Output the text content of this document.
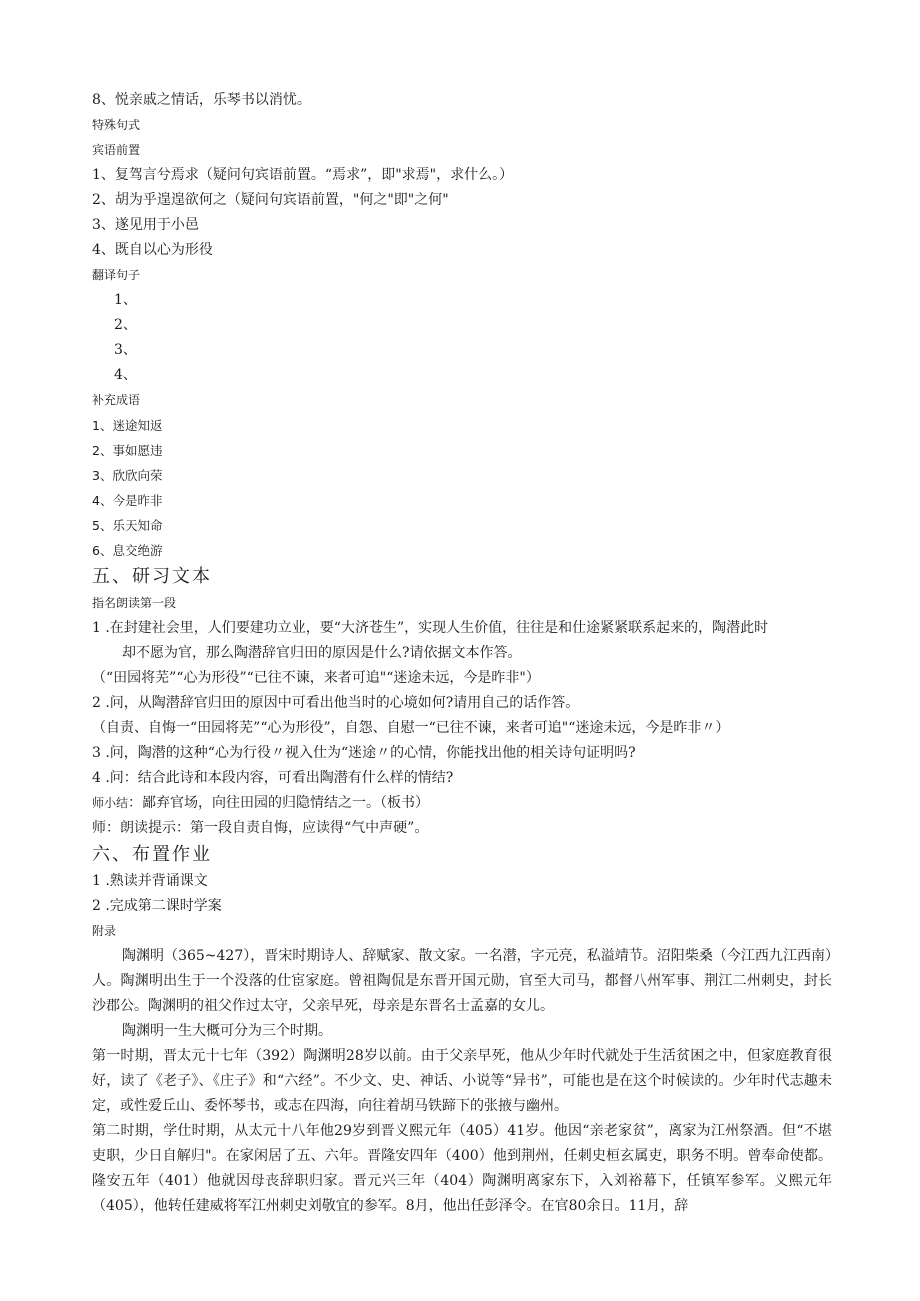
8、悦亲戚之情话，乐琴书以消忧。
特殊句式
宾语前置
1、复驾言兮焉求（疑问句宾语前置。“焉求”，即"求焉"，求什么。）
2、胡为乎遑遑欲何之（疑问句宾语前置，"何之"即"之何"
3、遂见用于小邑
4、既自以心为形役
翻译句子
1、
2、
3、
4、
补充成语
1、迷途知返
2、事如愿违
3、欣欣向荣
4、今是昨非
5、乐天知命
6、息交绝游
五、研习文本
指名朗读第一段
1 .在封建社会里，人们要建功立业，要“大济苍生”，实现人生价值，往往是和仕途紧紧联系起来的，陶潜此时
却不愿为官，那么陶潜辞官归田的原因是什么?请依据文本作答。
（“田园将芜”“心为形役”“已往不谏，来者可追"“迷途未远，今是昨非"）
2 .问，从陶潜辞官归田的原因中可看出他当时的心境如何?请用自己的话作答。
（自责、自悔一“田园将芜”“心为形役”，自怨、自慰一“已往不谏，来者可追"“迷途未远，今是昨非〃）
3 .问，陶潜的这种“心为行役〃视入仕为“迷途〃的心情，你能找出他的相关诗句证明吗?
4 .问：结合此诗和本段内容，可看出陶潜有什么样的情结?
师小结：鄙弃官场，向往田园的归隐情结之一。（板书）
师：朗读提示：第一段自责自悔，应读得“气中声硬”。
六、布置作业
1 .熟读并背诵课文
2 .完成第二课时学案
附录
陶渊明（365~427），晋宋时期诗人、辞赋家、散文家。一名潜，字元亮，私溢靖节。沼阳柴桑（今江西九江西南）人。陶渊明出生于一个没落的仕宦家庭。曾祖陶侃是东晋开国元勋，官至大司马，都督八州军事、荆江二州刺史，封长沙郡公。陶渊明的祖父作过太守，父亲早死，母亲是东晋名士孟嘉的女儿。
陶渊明一生大概可分为三个时期。
第一时期，晋太元十七年（392）陶渊明28岁以前。由于父亲早死，他从少年时代就处于生活贫困之中，但家庭教育很好，读了《老子》、《庄子》和“六经”。不少文、史、神话、小说等“异书”，可能也是在这个时候读的。少年时代志趣未定，或性爱丘山、委怀琴书，或志在四海，向往着胡马铁蹄下的张掖与幽州。
第二时期，学仕时期，从太元十八年他29岁到晋义熙元年（405）41岁。他因“亲老家贫”，离家为江州祭酒。但“不堪吏职，少日自解归"。在家闲居了五、六年。晋隆安四年（400）他到荆州，任刺史桓玄属吏，职务不明。曾奉命使都。隆安五年（401）他就因母丧辞职归家。晋元兴三年（404）陶渊明离家东下，入刘裕幕下，任镇军参军。义熙元年（405），他转任建威将军江州刺史刘敬宜的参军。8月，他出任彭泽令。在官80余日。11月，辞
